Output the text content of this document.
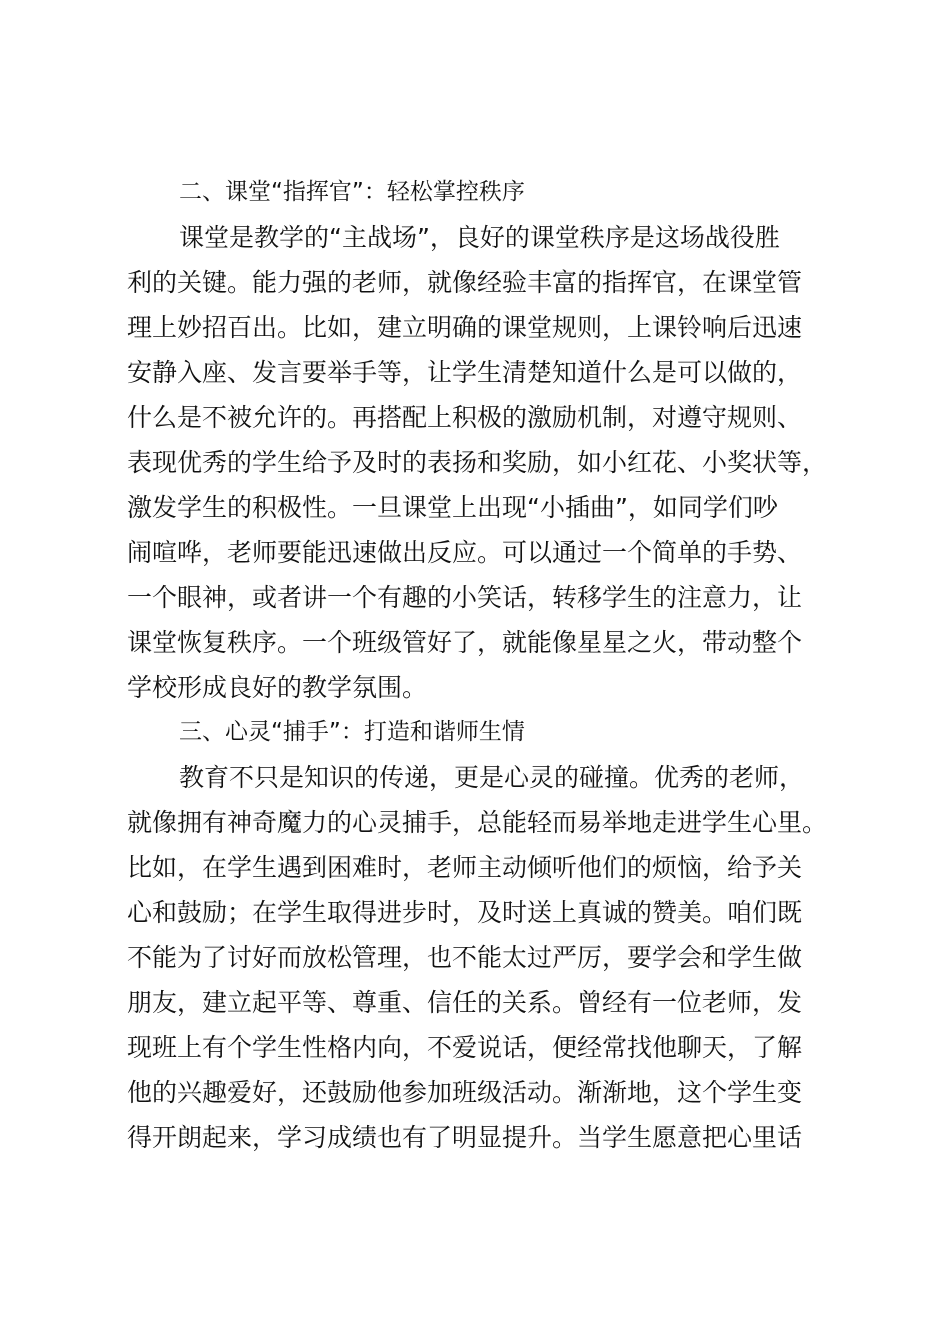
二、课堂“指挥官”：轻松掌控秩序
课堂是教学的“主战场”，良好的课堂秩序是这场战役胜
利的关键。能力强的老师，就像经验丰富的指挥官，在课堂管
理上妙招百出。比如，建立明确的课堂规则，上课铃响后迅速
安静入座、发言要举手等，让学生清楚知道什么是可以做的，
什么是不被允许的。再搭配上积极的激励机制，对遵守规则、
表现优秀的学生给予及时的表扬和奖励，如小红花、小奖状等，
激发学生的积极性。一旦课堂上出现“小插曲”，如同学们吵
闹喧哗，老师要能迅速做出反应。可以通过一个简单的手势、
一个眼神，或者讲一个有趣的小笑话，转移学生的注意力，让
课堂恢复秩序。一个班级管好了，就能像星星之火，带动整个
学校形成良好的教学氛围。
三、心灵“捕手”：打造和谐师生情
教育不只是知识的传递，更是心灵的碰撞。优秀的老师，
就像拥有神奇魔力的心灵捕手，总能轻而易举地走进学生心里。
比如，在学生遇到困难时，老师主动倾听他们的烦恼，给予关
心和鼓励；在学生取得进步时，及时送上真诚的赞美。咱们既
不能为了讨好而放松管理，也不能太过严厉，要学会和学生做
朋友，建立起平等、尊重、信任的关系。曾经有一位老师，发
现班上有个学生性格内向，不爱说话，便经常找他聊天，了解
他的兴趣爱好，还鼓励他参加班级活动。渐渐地，这个学生变
得开朗起来，学习成绩也有了明显提升。当学生愿意把心里话
